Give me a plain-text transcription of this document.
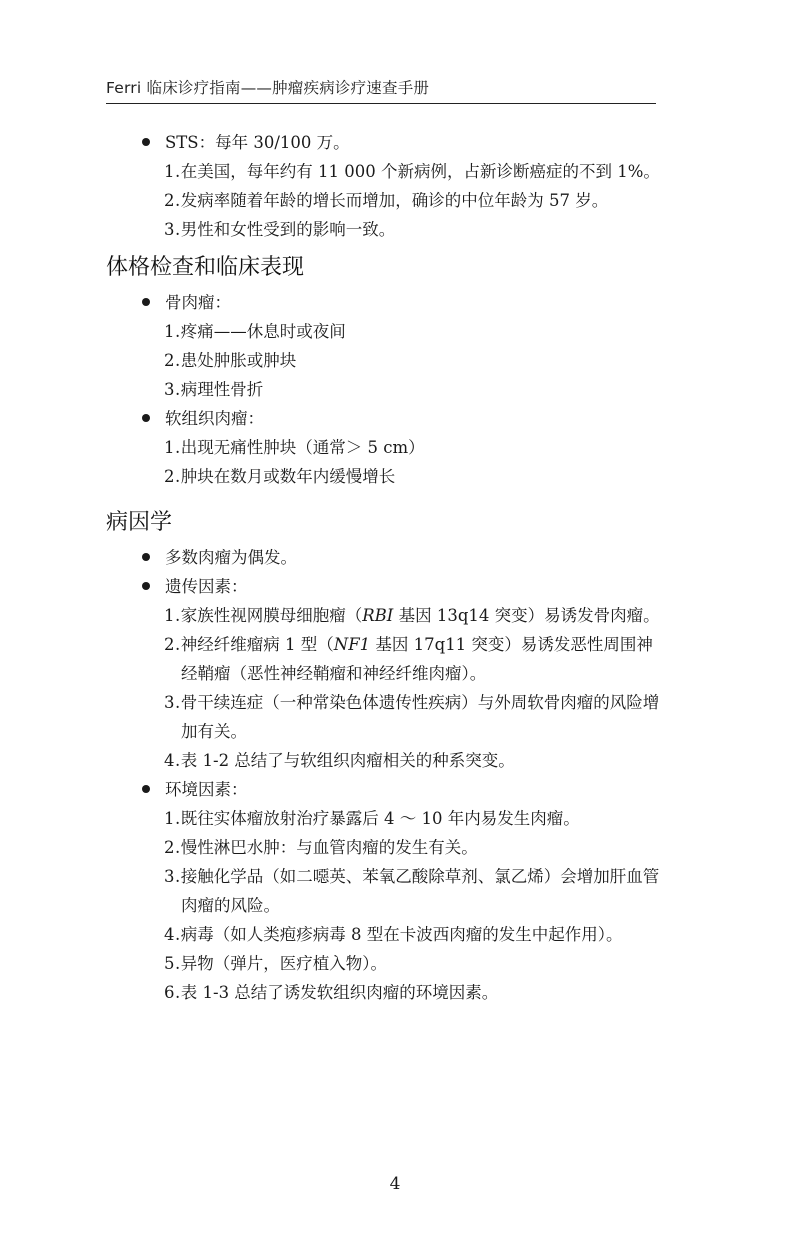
Ferri 临床诊疗指南——肿瘤疾病诊疗速查手册
STS：每年 30/100 万。
1.在美国，每年约有 11 000 个新病例，占新诊断癌症的不到 1%。
2.发病率随着年龄的增长而增加，确诊的中位年龄为 57 岁。
3.男性和女性受到的影响一致。
体格检查和临床表现
骨肉瘤：
1.疼痛——休息时或夜间
2.患处肿胀或肿块
3.病理性骨折
软组织肉瘤：
1.出现无痛性肿块（通常＞ 5 cm）
2.肿块在数月或数年内缓慢增长
病因学
多数肉瘤为偶发。
遗传因素：
1.家族性视网膜母细胞瘤（RBI 基因 13q14 突变）易诱发骨肉瘤。
2.神经纤维瘤病 1 型（NF1 基因 17q11 突变）易诱发恶性周围神经鞘瘤（恶性神经鞘瘤和神经纤维肉瘤）。
3.骨干续连症（一种常染色体遗传性疾病）与外周软骨肉瘤的风险增加有关。
4.表 1-2 总结了与软组织肉瘤相关的种系突变。
环境因素：
1.既往实体瘤放射治疗暴露后 4 ～ 10 年内易发生肉瘤。
2.慢性淋巴水肿：与血管肉瘤的发生有关。
3.接触化学品（如二噁英、苯氧乙酸除草剂、氯乙烯）会增加肝血管肉瘤的风险。
4.病毒（如人类疱疹病毒 8 型在卡波西肉瘤的发生中起作用）。
5.异物（弹片，医疗植入物）。
6.表 1-3 总结了诱发软组织肉瘤的环境因素。
4
